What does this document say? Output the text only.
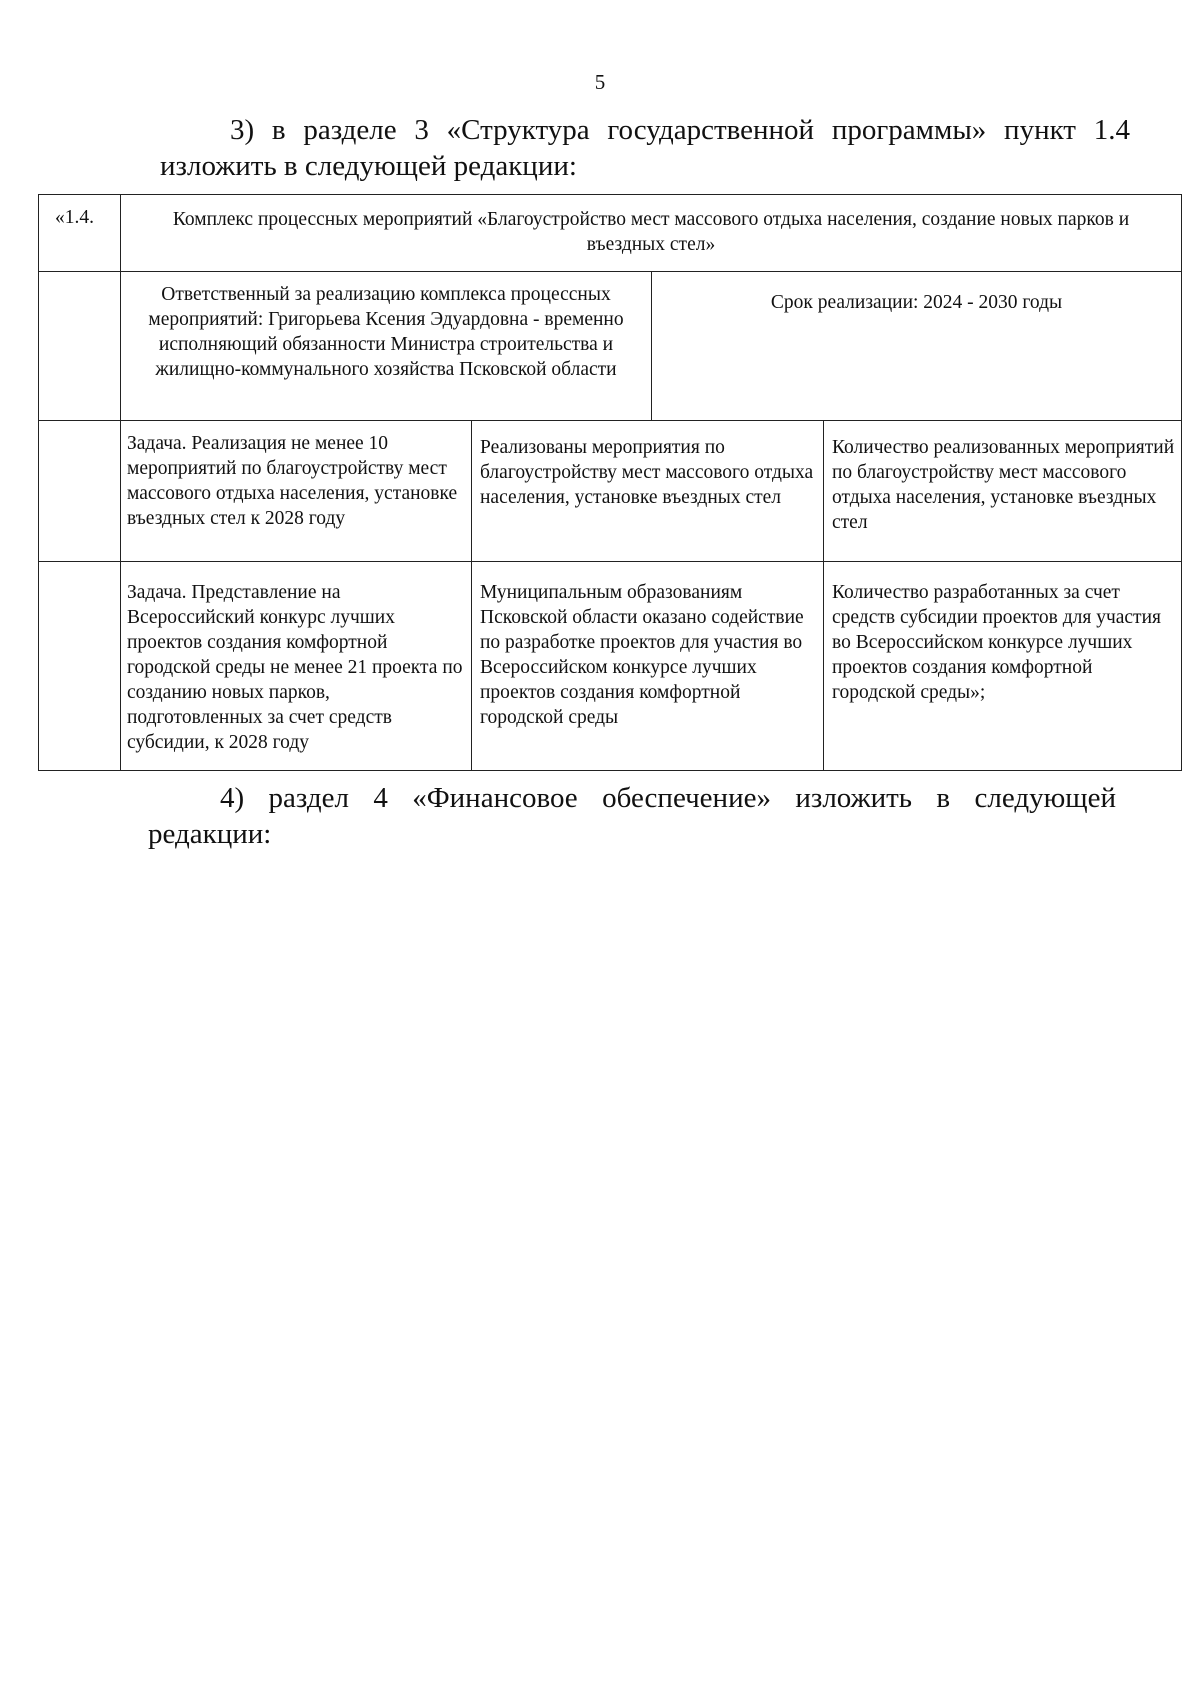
5
3) в разделе 3 «Структура государственной программы» пункт 1.4
изложить в следующей редакции:
«1.4.	Комплекс процессных мероприятий «Благоустройство мест массового отдыха населения, создание новых парков и въездных стел»
Ответственный за реализацию комплекса процессных мероприятий: Григорьева Ксения Эдуардовна - временно исполняющий обязанности Министра строительства и жилищно-коммунального хозяйства Псковской области
Срок реализации: 2024 - 2030 годы
Задача. Реализация не менее 10 мероприятий по благоустройству мест массового отдыха населения, установке въездных стел к 2028 году
Реализованы мероприятия по благоустройству мест массового отдыха населения, установке въездных стел
Количество реализованных мероприятий по благоустройству мест массового отдыха населения, установке въездных стел
Задача. Представление на Всероссийский конкурс лучших проектов создания комфортной городской среды не менее 21 проекта по созданию новых парков, подготовленных за счет средств субсидии, к 2028 году
Муниципальным образованиям Псковской области оказано содействие по разработке проектов для участия во Всероссийском конкурсе лучших проектов создания комфортной городской среды
Количество разработанных за счет средств субсидии проектов для участия во Всероссийском конкурсе лучших проектов создания комфортной городской среды»;
4) раздел 4 «Финансовое обеспечение» изложить в следующей
редакции:
